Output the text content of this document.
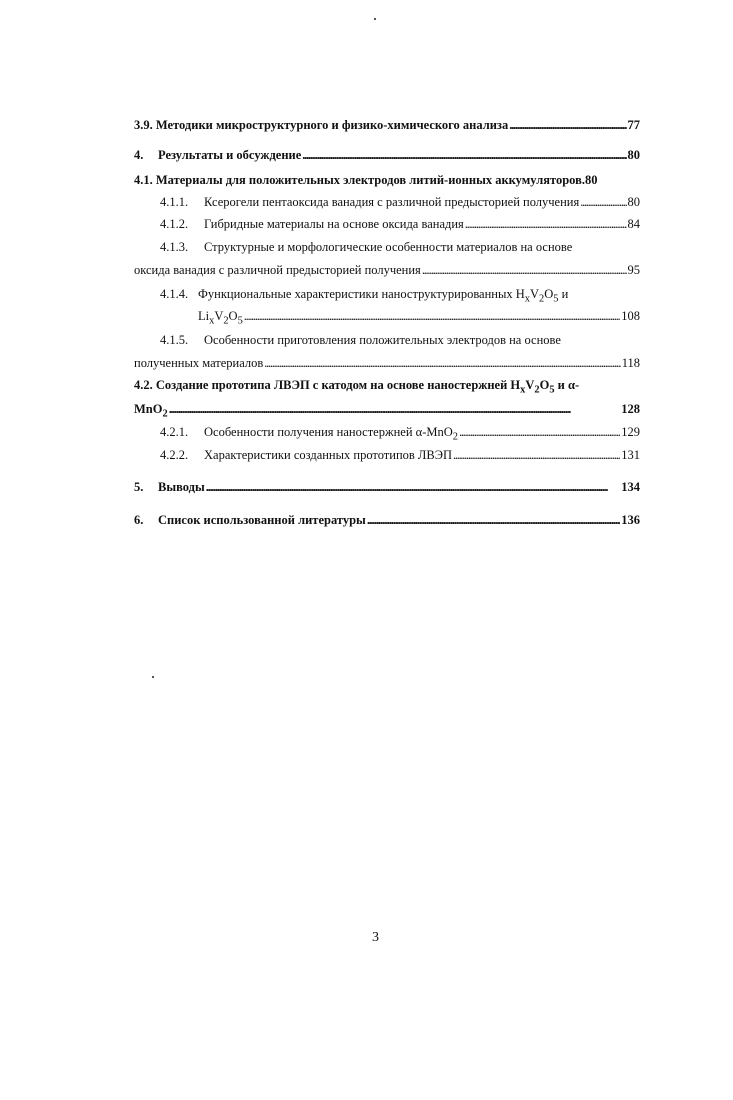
3.9.
Методики микроструктурного и физико-химического анализа . . .	77
4.	Результаты и обсуждение . . .	80
4.1.
Материалы для положительных электродов литий-ионных аккумуляторов. 80
4.1.1.	Ксерогели пентаоксида ванадия с различной предысторией получения . . .	80
4.1.2.	Гибридные материалы на основе оксида ванадия . . .	84
4.1.3.	Структурные и морфологические особенности материалов на основе
оксида ванадия с различной предысторией получения . . .	95
4.1.4. Функциональные характеристики наноструктурированных $H_xV_2O_5$ и
$Li_xV_2O_5$ . . .	108
4.1.5.	Особенности приготовления положительных электродов на основе
полученных материалов . . .	118
4.2.
Создание прототипа ЛВЭП с катодом на основе наностержней $H_xV_2O_5$ и α-
MnO$_2$ . . .	128
4.2.1.	Особенности получения наностержней α-MnO$_2$ . . .	129
4.2.2.	Характеристики созданных прототипов ЛВЭП . . .	131
5.	Выводы . . .	134
6.	Список использованной литературы . . .	136
3
